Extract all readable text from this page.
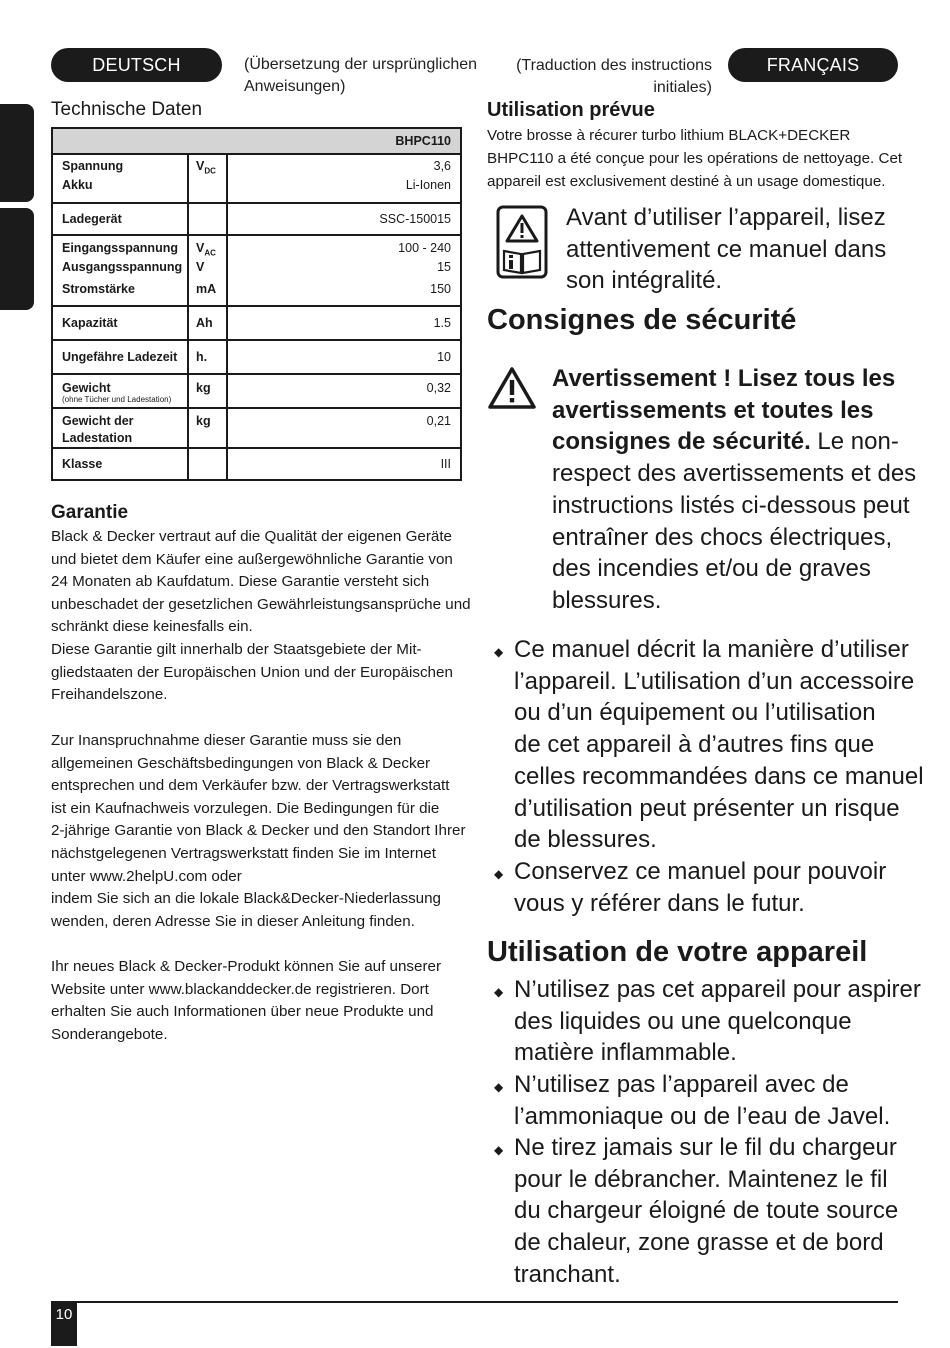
DEUTSCH	(Übersetzung der ursprünglichen
Anweisungen)
(Traduction des instructions
initiales)
FRANÇAIS
Technische Daten
BHPC110
Spannung	$V_{DC}$	3,6
Akku		Li-Ionen
Ladegerät		SSC-150015
Eingangsspannung	$V_{AC}$	100 - 240
Ausgangsspannung	V	15
Stromstärke	mA	150
Kapazität	Ah	1.5
Ungefähre Ladezeit	h.	10
Gewicht
(ohne Tücher und Ladestation)	kg	0,32

Gewicht der
Ladestation	kg	0,21
Klasse		III
Garantie
Black & Decker vertraut auf die Qualität der eigenen Geräte
und bietet dem Käufer eine außergewöhnliche Garantie von
24 Monaten ab Kaufdatum. Diese Garantie versteht sich
unbeschadet der gesetzlichen Gewährleistungsansprüche und
schränkt diese keinesfalls ein.
Diese Garantie gilt innerhalb der Staatsgebiete der Mit-
gliedstaaten der Europäischen Union und der Europäischen
Freihandelszone.
Zur Inanspruchnahme dieser Garantie muss sie den
allgemeinen Geschäftsbedingungen von Black & Decker
entsprechen und dem Verkäufer bzw. der Vertragswerkstatt
ist ein Kaufnachweis vorzulegen. Die Bedingungen für die
2-jährige Garantie von Black & Decker und den Standort Ihrer
nächstgelegenen Vertragswerkstatt finden Sie im Internet
unter www.2helpU.com oder
indem Sie sich an die lokale Black&Decker-Niederlassung
wenden, deren Adresse Sie in dieser Anleitung finden.
Ihr neues Black & Decker-Produkt können Sie auf unserer
Website unter www.blackanddecker.de registrieren. Dort
erhalten Sie auch Informationen über neue Produkte und
Sonderangebote.
Utilisation prévue
Votre brosse à récurer turbo lithium BLACK+DECKER
BHPC110 a été conçue pour les opérations de nettoyage. Cet
appareil est exclusivement destiné à un usage domestique.
Avant d’utiliser l’appareil, lisez
attentivement ce manuel dans
son intégralité.
Consignes de sécurité
Avertissement ! Lisez tous les
avertissements et toutes les
consignes de sécurité. Le non-
respect des avertissements et des
instructions listés ci-dessous peut
entraîner des chocs électriques,
des incendies et/ou de graves
blessures.
◆ Ce manuel décrit la manière d’utiliser
l’appareil. L’utilisation d’un accessoire
ou d’un équipement ou l’utilisation
de cet appareil à d’autres fins que
celles recommandées dans ce manuel
d’utilisation peut présenter un risque
de blessures.
◆ Conservez ce manuel pour pouvoir
vous y référer dans le futur.
Utilisation de votre appareil
◆ N’utilisez pas cet appareil pour aspirer
des liquides ou une quelconque
matière inflammable.
◆ N’utilisez pas l’appareil avec de
l’ammoniaque ou de l’eau de Javel.
◆ Ne tirez jamais sur le fil du chargeur
pour le débrancher. Maintenez le fil
du chargeur éloigné de toute source
de chaleur, zone grasse et de bord
tranchant.
10
